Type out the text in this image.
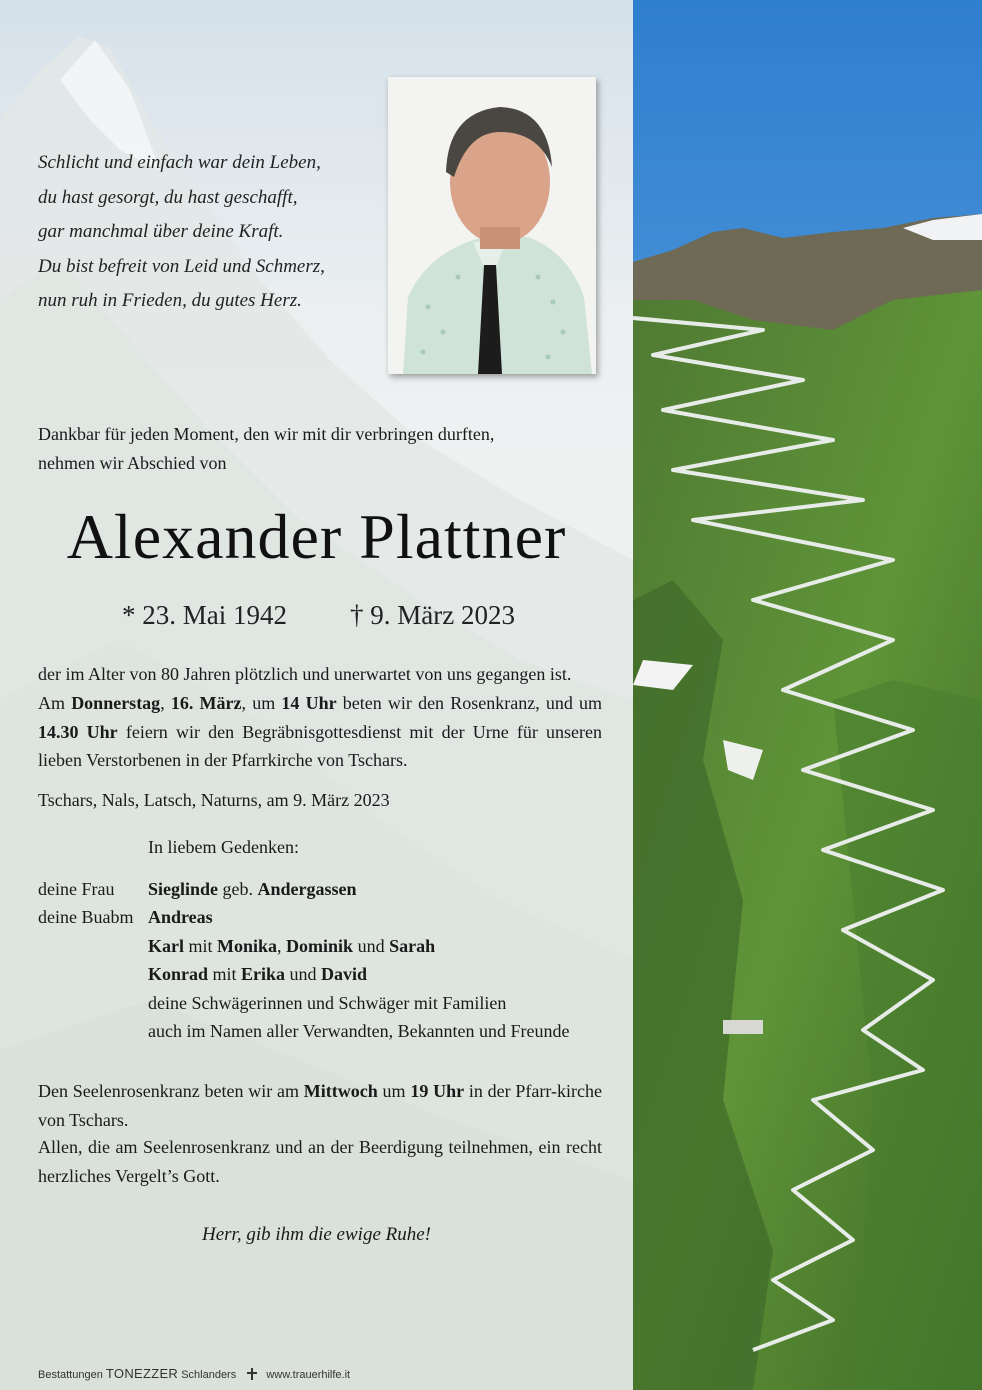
Schlicht und einfach war dein Leben,
du hast gesorgt, du hast geschafft,
gar manchmal über deine Kraft.
Du bist befreit von Leid und Schmerz,
nun ruh in Frieden, du gutes Herz.
Dankbar für jeden Moment, den wir mit dir verbringen durften,
nehmen wir Abschied von
Alexander Plattner
* 23. Mai 1942 † 9. März 2023
der im Alter von 80 Jahren plötzlich und unerwartet von uns gegangen ist.
Am Donnerstag, 16. März, um 14 Uhr beten wir den Rosenkranz, und um 14.30 Uhr feiern wir den Begräbnisgottesdienst mit der Urne für unseren lieben Verstorbenen in der Pfarrkirche von Tschars.
Tschars, Nals, Latsch, Naturns, am 9. März 2023
In liebem Gedenken:
deine Frau Sieglinde geb. Andergassen
deine Buabm Andreas
Karl mit Monika, Dominik und Sarah
Konrad mit Erika und David
deine Schwägerinnen und Schwäger mit Familien
auch im Namen aller Verwandten, Bekannten und Freunde
Den Seelenrosenkranz beten wir am Mittwoch um 19 Uhr in der Pfarr-kirche von Tschars.
Allen, die am Seelenrosenkranz und an der Beerdigung teilnehmen, ein recht herzliches Vergelt’s Gott.
Herr, gib ihm die ewige Ruhe!
Bestattungen TONEZZER Schlanders	www.trauerhilfe.it
